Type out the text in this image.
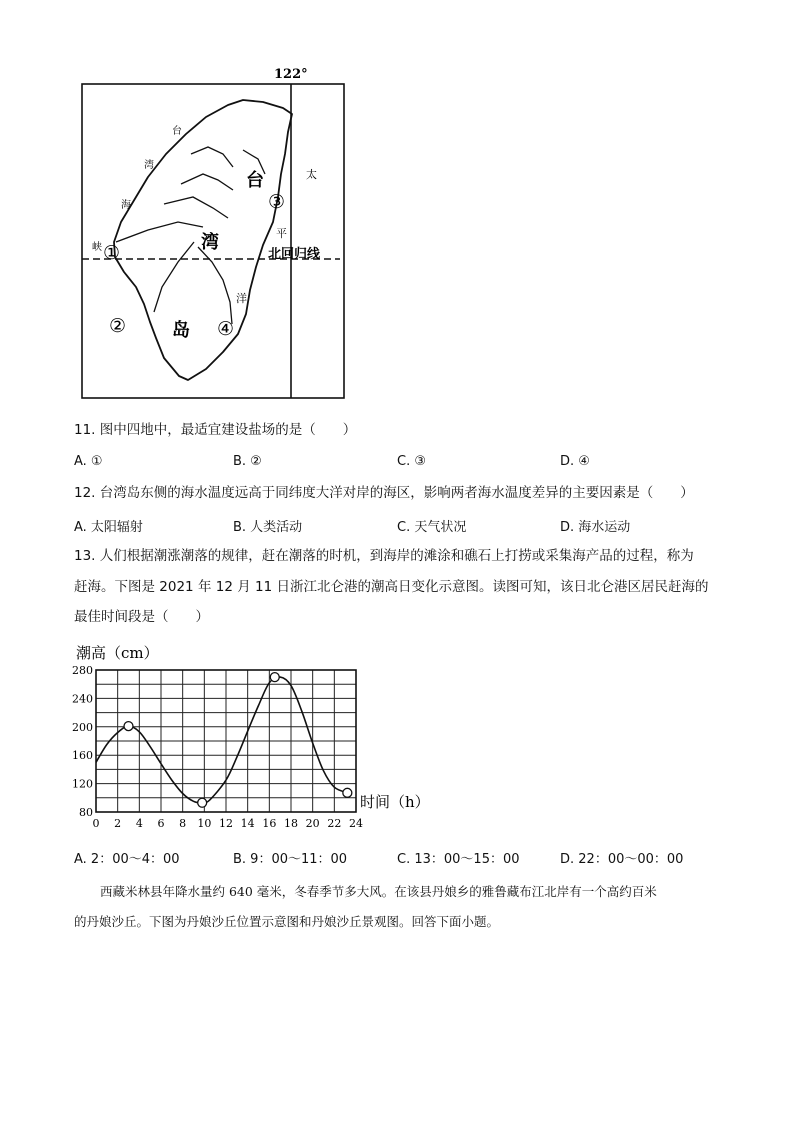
122°
北回归线
台
湾
岛
台
湾
海
峡
太
平
洋
①
②
③
④
11. 图中四地中，最适宜建设盐场的是（　　）
A. ①	B. ②	C. ③	D. ④
12. 台湾岛东侧的海水温度远高于同纬度大洋对岸的海区，影响两者海水温度差异的主要因素是（　　）
A. 太阳辐射	B. 人类活动	C. 天气状况	D. 海水运动
13. 人们根据潮涨潮落的规律，赶在潮落的时机，到海岸的滩涂和礁石上打捞或采集海产品的过程，称为
赶海。下图是 2021 年 12 月 11 日浙江北仑港的潮高日变化示意图。读图可知，该日北仑港区居民赶海的
最佳时间段是（　　）
80
120
160
200
240
280
0 2 4 6 8 10 12 14 16 18 20 22 24
潮高（cm）
时间（h）
A. 2：00～4：00	B. 9：00～11：00	C. 13：00～15：00	D. 22：00～00：00
西藏米林县年降水量约 640 毫米，冬春季节多大风。在该县丹娘乡的雅鲁藏布江北岸有一个高约百米
的丹娘沙丘。下图为丹娘沙丘位置示意图和丹娘沙丘景观图。回答下面小题。
